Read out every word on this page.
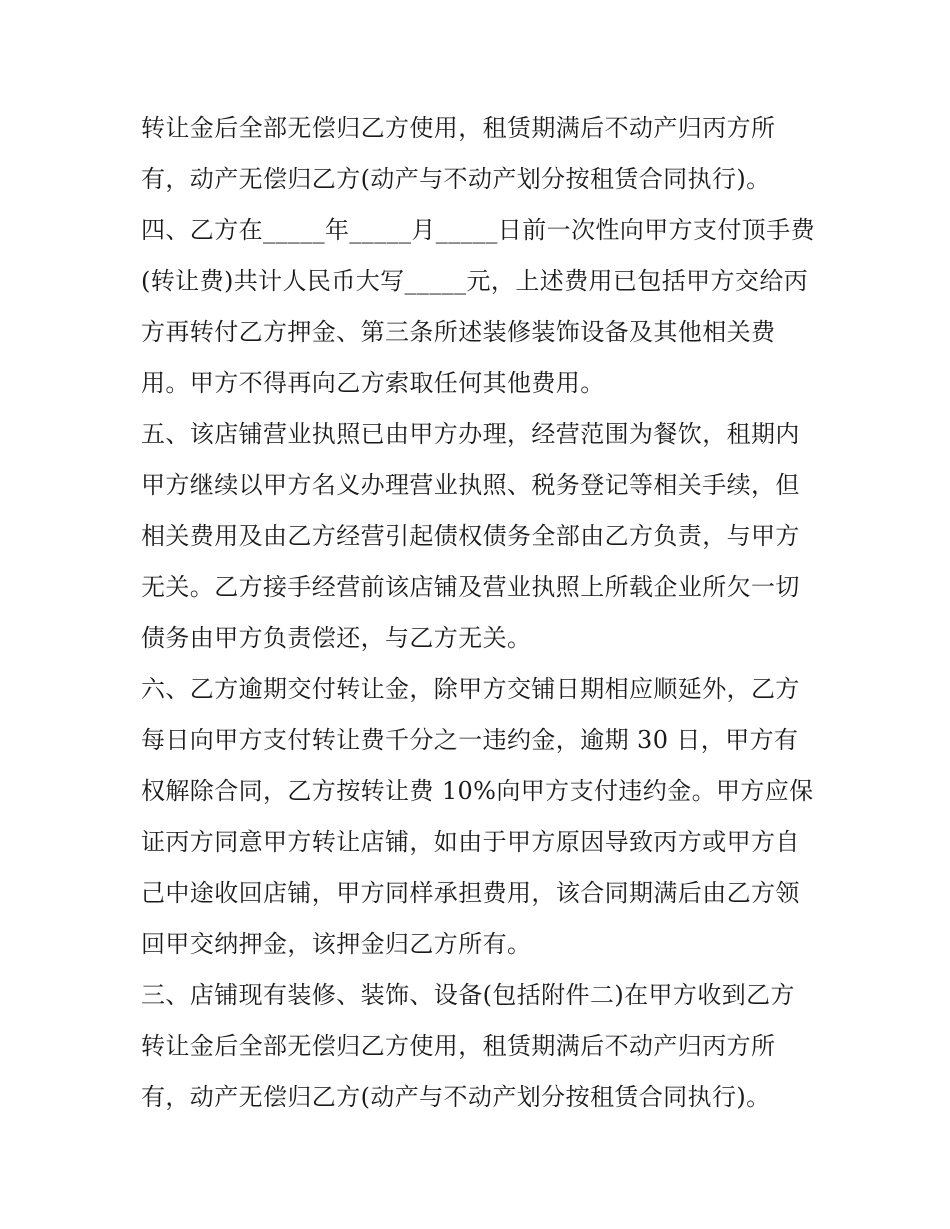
转让金后全部无偿归乙方使用，租赁期满后不动产归丙方所
有，动产无偿归乙方(动产与不动产划分按租赁合同执行)。
四、乙方在_____年_____月_____日前一次性向甲方支付顶手费
(转让费)共计人民币大写_____元，上述费用已包括甲方交给丙
方再转付乙方押金、第三条所述装修装饰设备及其他相关费
用。甲方不得再向乙方索取任何其他费用。
五、该店铺营业执照已由甲方办理，经营范围为餐饮，租期内
甲方继续以甲方名义办理营业执照、税务登记等相关手续，但
相关费用及由乙方经营引起债权债务全部由乙方负责，与甲方
无关。乙方接手经营前该店铺及营业执照上所载企业所欠一切
债务由甲方负责偿还，与乙方无关。
六、乙方逾期交付转让金，除甲方交铺日期相应顺延外，乙方
每日向甲方支付转让费千分之一违约金，逾期 30 日，甲方有
权解除合同，乙方按转让费 10%向甲方支付违约金。甲方应保
证丙方同意甲方转让店铺，如由于甲方原因导致丙方或甲方自
己中途收回店铺，甲方同样承担费用，该合同期满后由乙方领
回甲交纳押金，该押金归乙方所有。
三、店铺现有装修、装饰、设备(包括附件二)在甲方收到乙方
转让金后全部无偿归乙方使用，租赁期满后不动产归丙方所
有，动产无偿归乙方(动产与不动产划分按租赁合同执行)。
